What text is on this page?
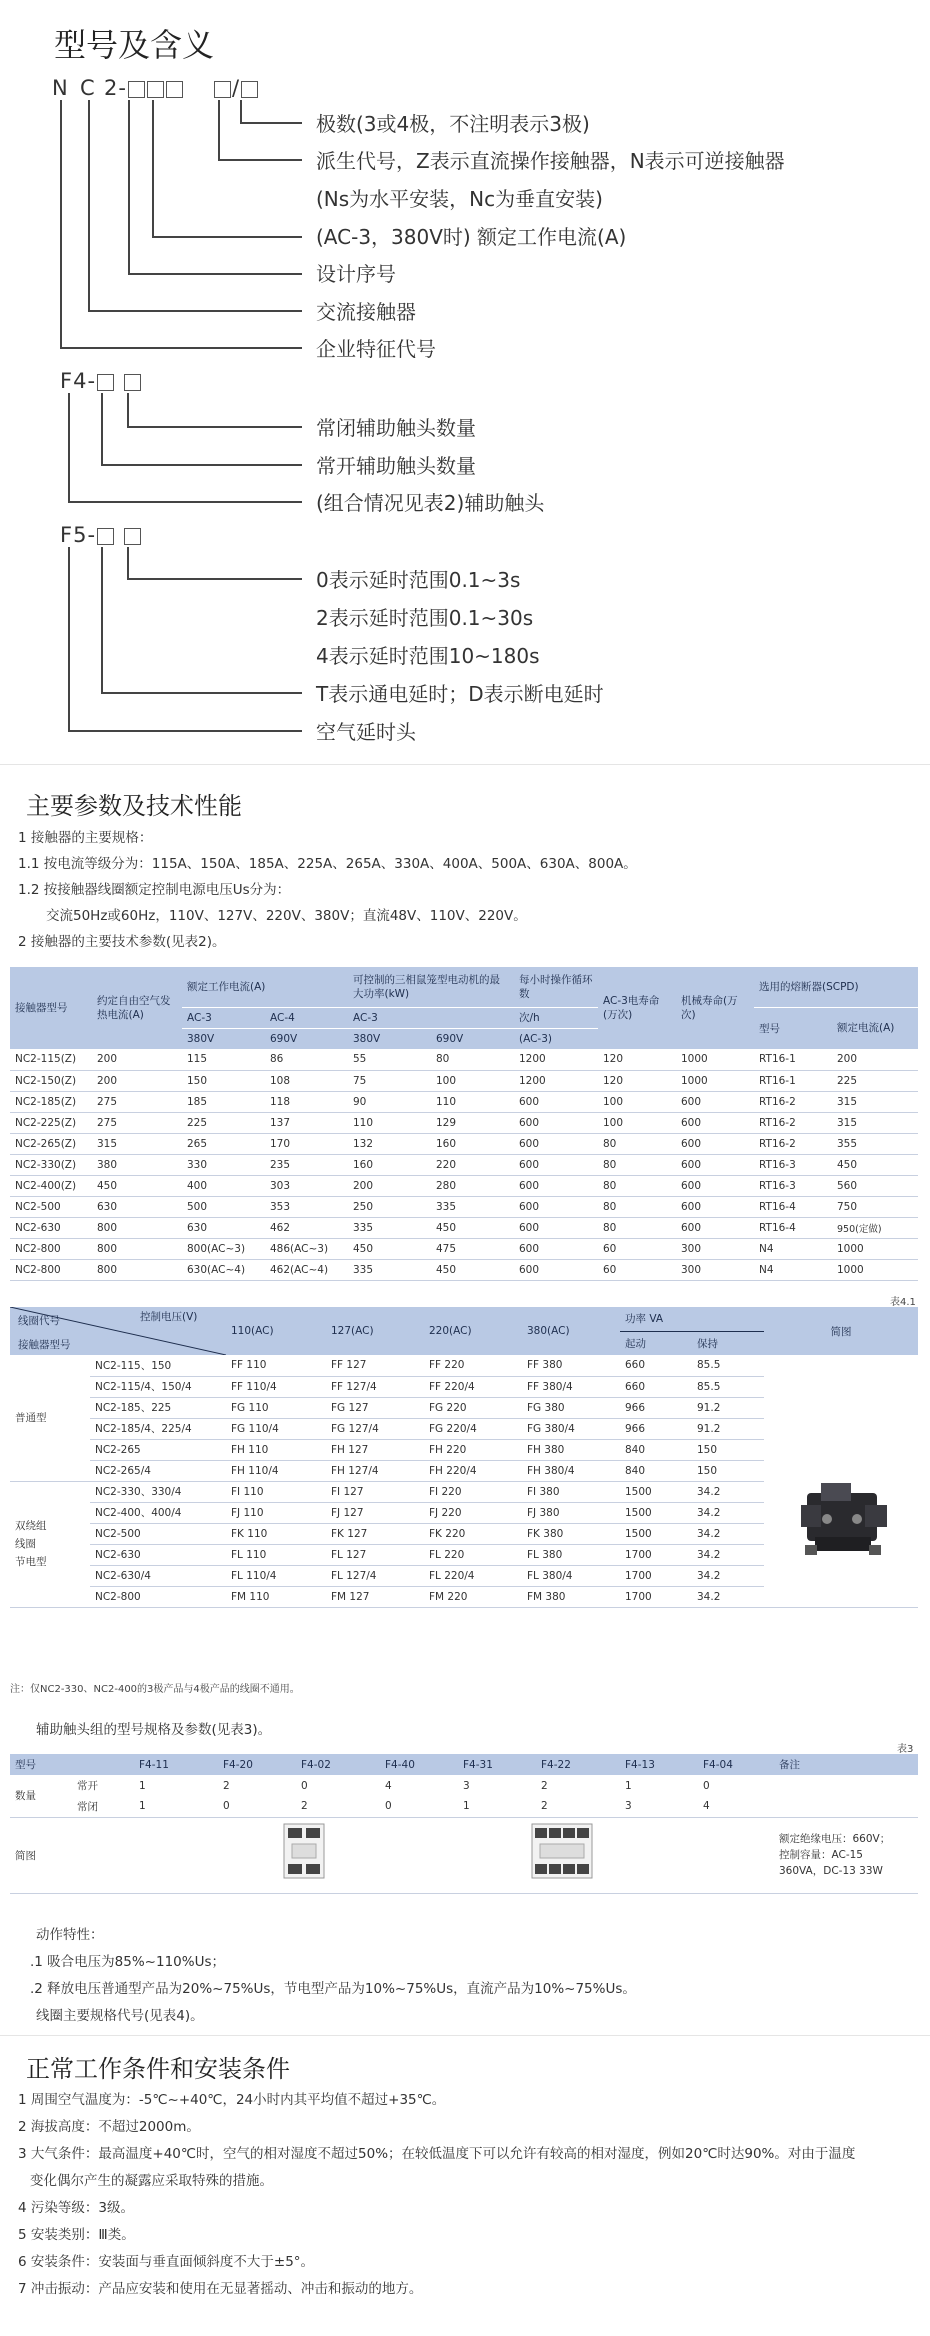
型号及含义
N C 2-	/
极数(3或4极，不注明表示3极)
派生代号，Z表示直流操作接触器，N表示可逆接触器
(Ns为水平安装，Nc为垂直安装)
(AC-3，380V时) 额定工作电流(A)
设计序号
交流接触器
企业特征代号
F4-
常闭辅助触头数量
常开辅助触头数量
(组合情况见表2)辅助触头
F5-
0表示延时范围0.1~3s
2表示延时范围0.1~30s
4表示延时范围10~180s
T表示通电延时；D表示断电延时
空气延时头
主要参数及技术性能
1 接触器的主要规格：
1.1 按电流等级分为：115A、150A、185A、225A、265A、330A、400A、500A、630A、800A。
1.2 按接触器线圈额定控制电源电压Us分为：
交流50Hz或60Hz，110V、127V、220V、380V；直流48V、110V、220V。
2 接触器的主要技术参数(见表2)。
接触器型号	约定自由空气发热电流(A)	额定工作电流(A)		可控制的三相鼠笼型电动机的最大功率(kW)		每小时操作循环数	AC-3电寿命(万次)	机械寿命(万次)	选用的熔断器(SCPD)	
		AC-3	AC-4	AC-3		次/h			型号	额定电流(A)
		380V	690V	380V	690V	(AC-3)				
NC2-115(Z)	200	115	86	55	80	1200	120	1000	RT16-1	200
NC2-150(Z)	200	150	108	75	100	1200	120	1000	RT16-1	225
NC2-185(Z)	275	185	118	90	110	600	100	600	RT16-2	315
NC2-225(Z)	275	225	137	110	129	600	100	600	RT16-2	315
NC2-265(Z)	315	265	170	132	160	600	80	600	RT16-2	355
NC2-330(Z)	380	330	235	160	220	600	80	600	RT16-3	450
NC2-400(Z)	450	400	303	200	280	600	80	600	RT16-3	560
NC2-500	630	500	353	250	335	600	80	600	RT16-4	750
NC2-630	800	630	462	335	450	600	80	600	RT16-4	950(定做)
NC2-800	800	800(AC~3)	486(AC~3)	450	475	600	60	300	N4	1000
NC2-800	800	630(AC~4)	462(AC~4)	335	450	600	60	300	N4	1000
表4.1
线圈代号 控制电压(V)
接触器型号		110(AC)	127(AC)	220(AC)	380(AC)	功率 VA		简图
						起动	保持	
普通型	NC2-115、150	FF 110	FF 127	FF 220	FF 380	660	85.5	
	NC2-115/4、150/4	FF 110/4	FF 127/4	FF 220/4	FF 380/4	660	85.5	
	NC2-185、225	FG 110	FG 127	FG 220	FG 380	966	91.2	
	NC2-185/4、225/4	FG 110/4	FG 127/4	FG 220/4	FG 380/4	966	91.2	
	NC2-265	FH 110	FH 127	FH 220	FH 380	840	150	
	NC2-265/4	FH 110/4	FH 127/4	FH 220/4	FH 380/4	840	150	

双绕组
线圈
节电型	NC2-330、330/4	FI 110	FI 127	FI 220	FI 380	1500	34.2	
	NC2-400、400/4	FJ 110	FJ 127	FJ 220	FJ 380	1500	34.2	
	NC2-500	FK 110	FK 127	FK 220	FK 380	1500	34.2	
	NC2-630	FL 110	FL 127	FL 220	FL 380	1700	34.2	
	NC2-630/4	FL 110/4	FL 127/4	FL 220/4	FL 380/4	1700	34.2	
	NC2-800	FM 110	FM 127	FM 220	FM 380	1700	34.2	
注：仅NC2-330、NC2-400的3极产品与4极产品的线圈不通用。
辅助触头组的型号规格及参数(见表3)。
表3
型号		F4-11	F4-20	F4-02	F4-40	F4-31	F4-22	F4-13	F4-04	备注
数量	常开	1	2	0	4	3	2	1	0	
	常闭	1	0	2	0	1	2	3	4	
简图										额定绝缘电压：660V；
控制容量：AC-15
360VA，DC-13 33W
动作特性：
.1 吸合电压为85%~110%Us；
.2 释放电压普通型产品为20%~75%Us，节电型产品为10%~75%Us，直流产品为10%~75%Us。
线圈主要规格代号(见表4)。
正常工作条件和安装条件
1 周围空气温度为：-5℃~+40℃，24小时内其平均值不超过+35℃。
2 海拔高度：不超过2000m。
3 大气条件：最高温度+40℃时，空气的相对湿度不超过50%；在较低温度下可以允许有较高的相对湿度，例如20℃时达90%。对由于温度
变化偶尔产生的凝露应采取特殊的措施。
4 污染等级：3级。
5 安装类别：Ⅲ类。
6 安装条件：安装面与垂直面倾斜度不大于±5°。
7 冲击振动：产品应安装和使用在无显著摇动、冲击和振动的地方。
